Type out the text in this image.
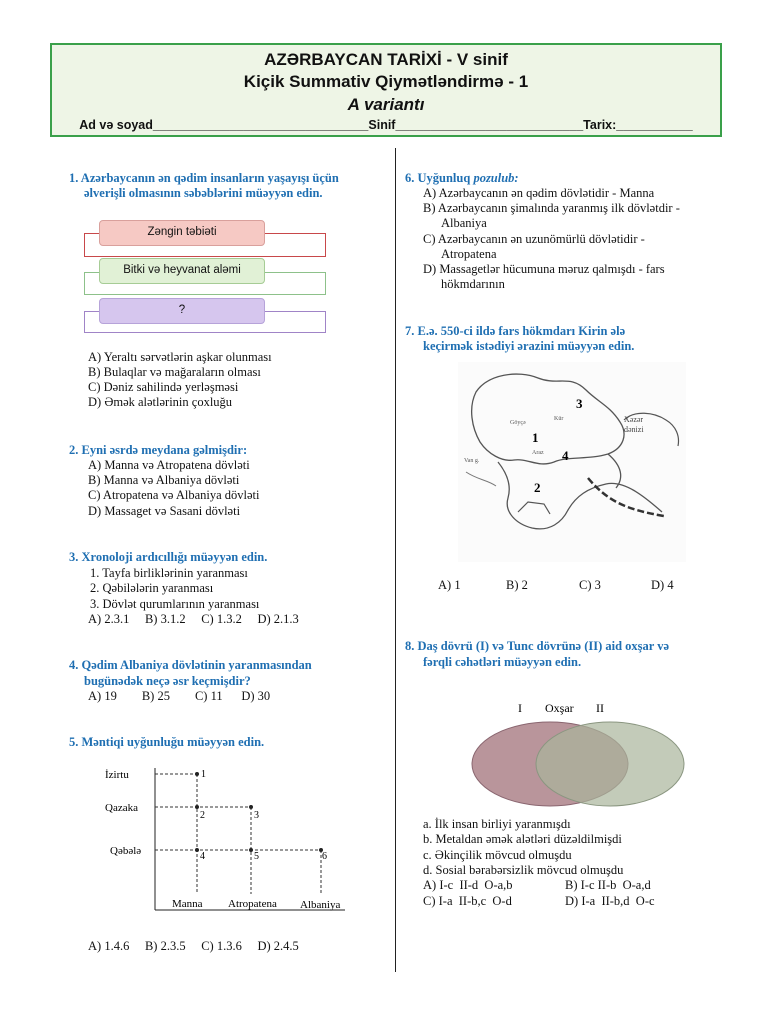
AZƏRBAYCAN TARİXİ - V sinif
Kiçik Summativ Qiymətləndirmə - 1
A variantı
Ad və soyad_______________________________Sinif___________________________Tarix:___________
1. Azərbaycanın ən qədim insanların yaşayışı üçün
əlverişli olmasının səbəblərini müəyyən edin.
Zəngin təbiəti
Bitki və heyvanat aləmi
?
A) Yeraltı sərvətlərin aşkar olunması
B) Bulaqlar və mağaraların olması
C) Dəniz sahilində yerləşməsi
D) Əmək alətlərinin çoxluğu
2. Eyni əsrdə meydana gəlmişdir:
A) Manna və Atropatena dövləti
B) Manna və Albaniya dövləti
C) Atropatena və Albaniya dövləti
D) Massaget və Sasani dövləti
3. Xronoloji ardıcıllığı müəyyən edin.
1. Tayfa birliklərinin yaranması
2. Qəbilələrin yaranması
3. Dövlət qurumlarının yaranması
A) 2.3.1     B) 3.1.2     C) 1.3.2     D) 2.1.3
4. Qədim Albaniya dövlətinin yaranmasından
bugünədək neçə əsr keçmişdir?
A) 19        B) 25        C) 11      D) 30
5. Məntiqi uyğunluğu müəyyən edin.
İzirtu
Qazaka
Qəbələ
Manna Atropatena Albaniya
1
2	3
4	5	6
A) 1.4.6     B) 2.3.5     C) 1.3.6     D) 2.4.5
6. Uyğunluq pozulub:
A) Azərbaycanın ən qədim dövlətidir - Manna
B) Azərbaycanın şimalında yaranmış ilk dövlətdir -
Albaniya
C) Azərbaycanın ən uzunömürlü dövlətidir -
Atropatena
D) Massagetlər hücumuna məruz qalmışdı - fars
hökmdarının
7. E.ə. 550-ci ildə fars hökmdarı Kirin ələ
keçirmək istədiyi ərazini müəyyən edin.
3
1
4
2
Xəzər
dənizi
Göyçə
Kür
Araz
Van g.
A) 1	B) 2	C) 3	D) 4
8. Daş dövrü (I) və Tunc dövrünə (II) aid oxşar və
fərqli cəhətləri müəyyən edin.
I Oxşar II
a. İlk insan birliyi yaranmışdı
b. Metaldan əmək alətləri düzəldilmişdi
c. Əkinçilik mövcud olmuşdu
d. Sosial bərabərsizlik mövcud olmuşdu
A) I-c  II-d  O-a,b	B) I-c II-b  O-a,d
C) I-a  II-b,c  O-d	D) I-a  II-b,d  O-c
